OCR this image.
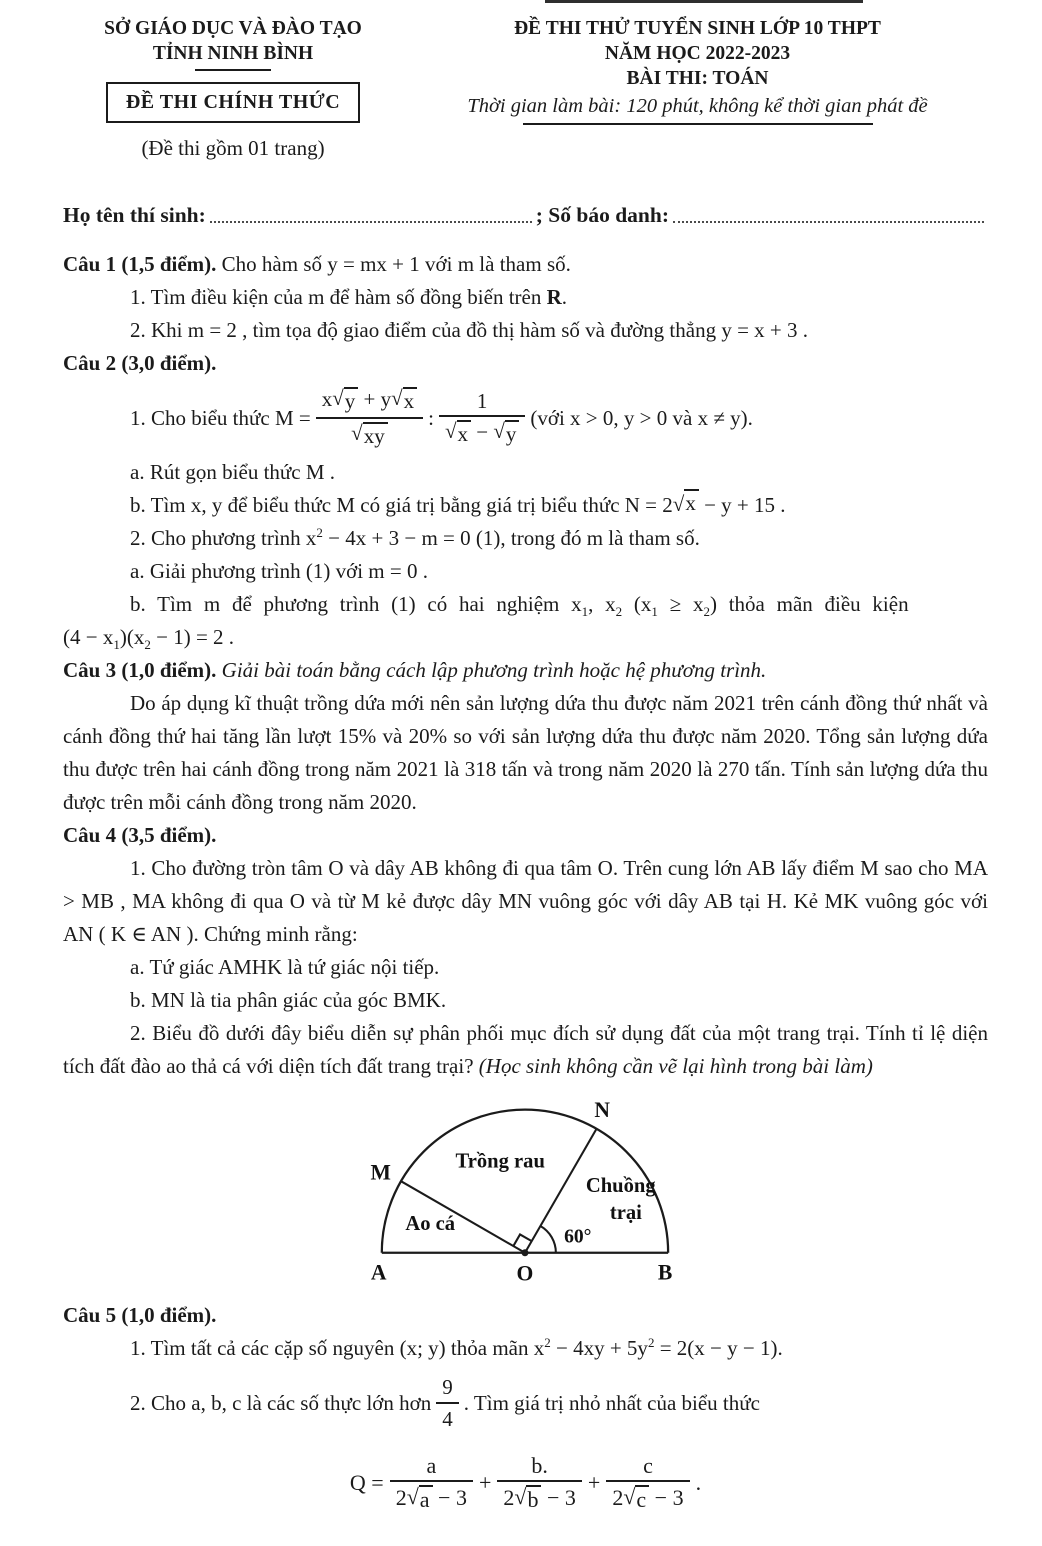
SỞ GIÁO DỤC VÀ ĐÀO TẠO
TỈNH NINH BÌNH
ĐỀ THI CHÍNH THỨC
(Đề thi gồm 01 trang)
ĐỀ THI THỬ TUYỂN SINH LỚP 10 THPT
NĂM HỌC 2022-2023
BÀI THI: TOÁN
Thời gian làm bài: 120 phút, không kể thời gian phát đề
Họ tên thí sinh:	; Số báo danh:
Câu 1 (1,5 điểm). Cho hàm số y = mx + 1 với m là tham số.
1. Tìm điều kiện của m để hàm số đồng biến trên R.
2. Khi m = 2 , tìm tọa độ giao điểm của đồ thị hàm số và đường thẳng y = x + 3 .
Câu 2 (3,0 điểm).
1. Cho biểu thức $M = \frac{x √ y + y √ x}{√ xy}$ : $\frac{1}{√ x - √ y}$ (với x > 0, y > 0 và x ≠ y).
a. Rút gọn biểu thức M .
b. Tìm x, y để biểu thức M có giá trị bằng giá trị biểu thức N = 2 √ x − y + 15 .
2. Cho phương trình $x^2 - 4x + 3 - m = 0$ (1), trong đó m là tham số.
a. Giải phương trình (1) với m = 0 .
b. Tìm m để phương trình (1) có hai nghiệm $x_1$, $x_2$ $(x_1 \ge x_2)$ thỏa mãn điều kiện
$(4 - x_1)(x_2 - 1) = 2$ .
Câu 3 (1,0 điểm). Giải bài toán bằng cách lập phương trình hoặc hệ phương trình.
Do áp dụng kĩ thuật trồng dứa mới nên sản lượng dứa thu được năm 2021 trên cánh đồng thứ nhất và cánh đồng thứ hai tăng lần lượt 15% và 20% so với sản lượng dứa thu được năm 2020. Tổng sản lượng dứa thu được trên hai cánh đồng trong năm 2021 là 318 tấn và trong năm 2020 là 270 tấn. Tính sản lượng dứa thu được trên mỗi cánh đồng trong năm 2020.
Câu 4 (3,5 điểm).
1. Cho đường tròn tâm O và dây AB không đi qua tâm O. Trên cung lớn AB lấy điểm M sao cho MA > MB , MA không đi qua O và từ M kẻ được dây MN vuông góc với dây AB tại H. Kẻ MK vuông góc với AN ( K ∈ AN ). Chứng minh rằng:
a. Tứ giác AMHK là tứ giác nội tiếp.
b. MN là tia phân giác của góc BMK.
2. Biểu đồ dưới đây biểu diễn sự phân phối mục đích sử dụng đất của một trang trại. Tính tỉ lệ diện tích đất đào ao thả cá với diện tích đất trang trại? (Học sinh không cần vẽ lại hình trong bài làm)
A	O	B
M
N
Trồng rau
Chuồng
trại
Ao cá
60°
Câu 5 (1,0 điểm).
1. Tìm tất cả các cặp số nguyên (x; y) thỏa mãn $x^2 - 4xy + 5y^2 = 2(x - y - 1)$.
2. Cho a, b, c là các số thực lớn hơn $\frac{9}{4}$ . Tìm giá trị nhỏ nhất của biểu thức
$Q = \frac{a}{2 √ a - 3} + \frac{b.}{2 √ b - 3} + \frac{c}{2 √ c - 3}$ .
